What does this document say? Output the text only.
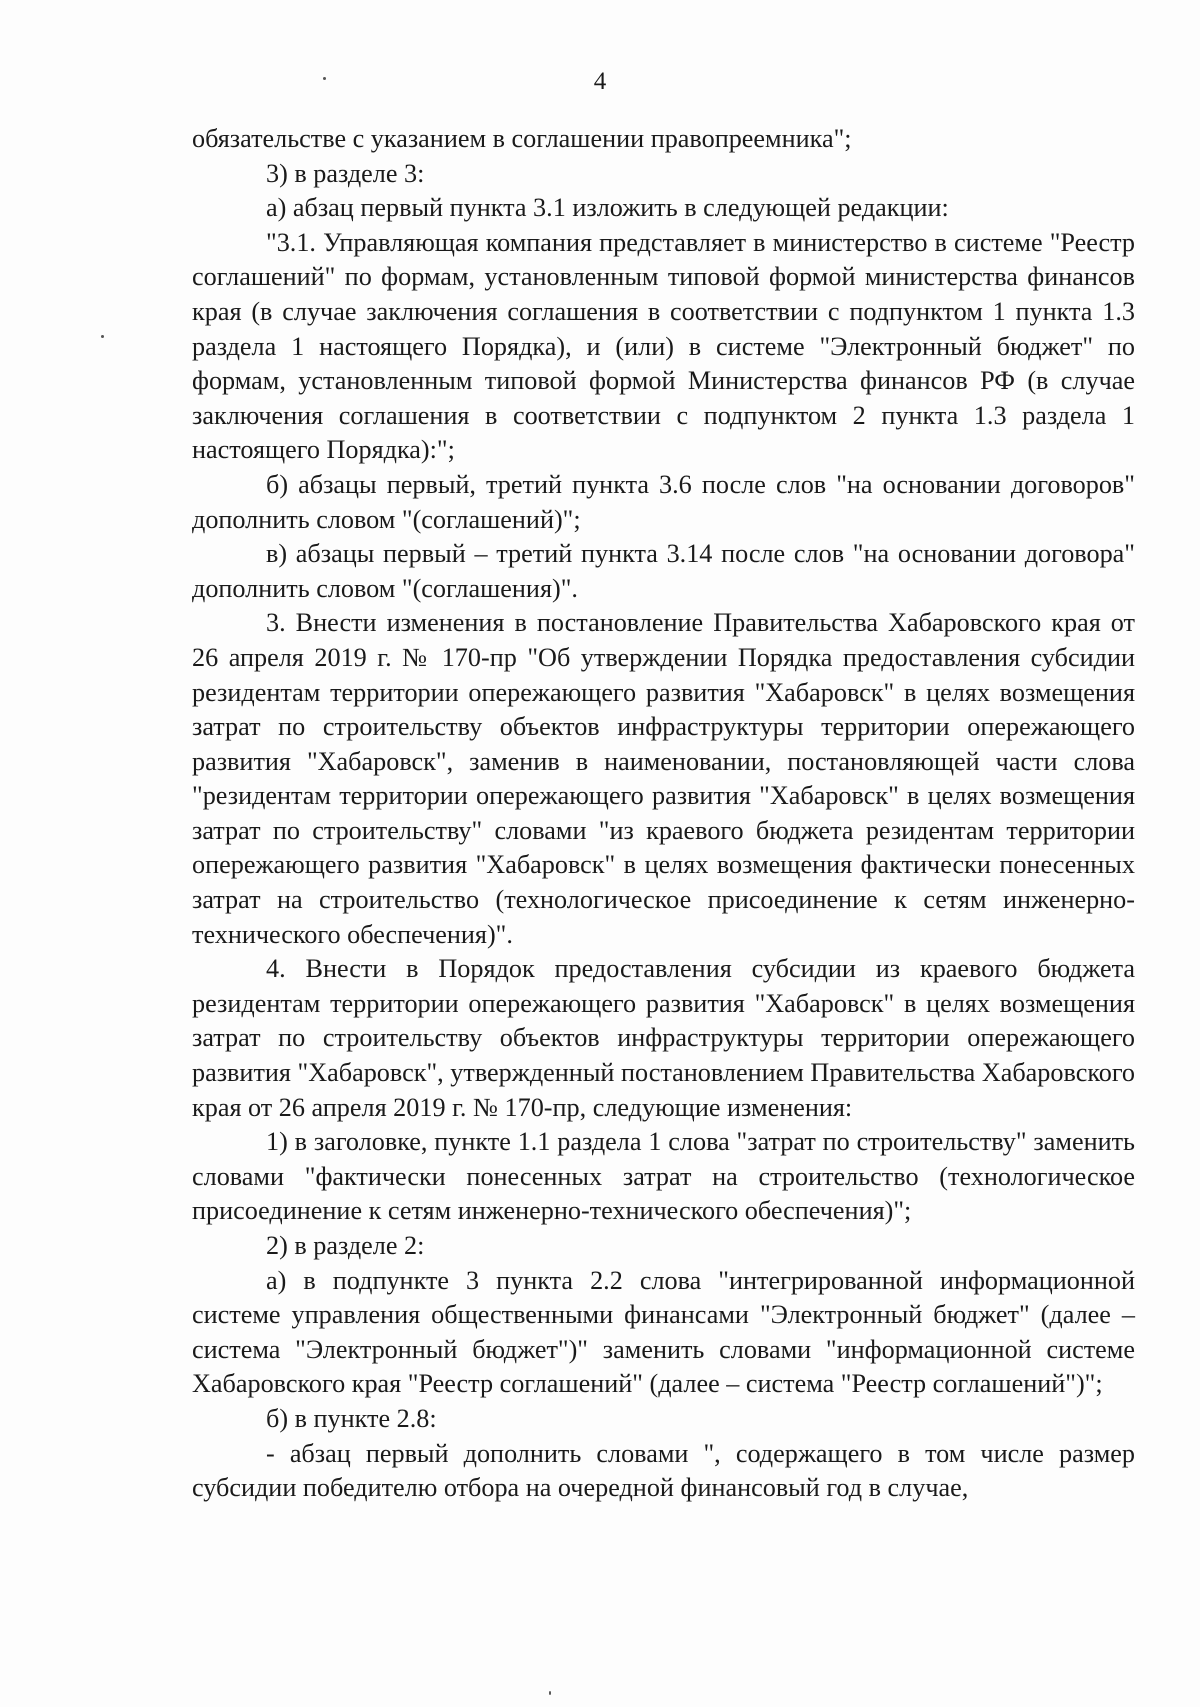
4

обязательстве с указанием в соглашении правопреемника";

3) в разделе 3:

а) абзац первый пункта 3.1 изложить в следующей редакции:

"3.1. Управляющая компания представляет в министерство в системе "Реестр соглашений" по формам, установленным типовой формой министерства финансов края (в случае заключения соглашения в соответствии с подпунктом 1 пункта 1.3 раздела 1 настоящего Порядка), и (или) в системе "Электронный бюджет" по формам, установленным типовой формой Министерства финансов РФ (в случае заключения соглашения в соответствии с подпунктом 2 пункта 1.3 раздела 1 настоящего Порядка):";

б) абзацы первый, третий пункта 3.6 после слов "на основании договоров" дополнить словом "(соглашений)";

в) абзацы первый – третий пункта 3.14 после слов "на основании договора" дополнить словом "(соглашения)".

3. Внести изменения в постановление Правительства Хабаровского края от 26 апреля 2019 г. № 170-пр "Об утверждении Порядка предоставления субсидии резидентам территории опережающего развития "Хабаровск" в целях возмещения затрат по строительству объектов инфраструктуры территории опережающего развития "Хабаровск", заменив в наименовании, постановляющей части слова "резидентам территории опережающего развития "Хабаровск" в целях возмещения затрат по строительству" словами "из краевого бюджета резидентам территории опережающего развития "Хабаровск" в целях возмещения фактически понесенных затрат на строительство (технологическое присоединение к сетям инженерно-технического обеспечения)".

4. Внести в Порядок предоставления субсидии из краевого бюджета резидентам территории опережающего развития "Хабаровск" в целях возмещения затрат по строительству объектов инфраструктуры территории опережающего развития "Хабаровск", утвержденный постановлением Правительства Хабаровского края от 26 апреля 2019 г. № 170-пр, следующие изменения:

1) в заголовке, пункте 1.1 раздела 1 слова "затрат по строительству" заменить словами "фактически понесенных затрат на строительство (технологическое присоединение к сетям инженерно-технического обеспечения)";

2) в разделе 2:

а) в подпункте 3 пункта 2.2 слова "интегрированной информационной системе управления общественными финансами "Электронный бюджет" (далее – система "Электронный бюджет")" заменить словами "информационной системе Хабаровского края "Реестр соглашений" (далее – система "Реестр соглашений")";

б) в пункте 2.8:

- абзац первый дополнить словами ", содержащего в том числе размер субсидии победителю отбора на очередной финансовый год в случае,
